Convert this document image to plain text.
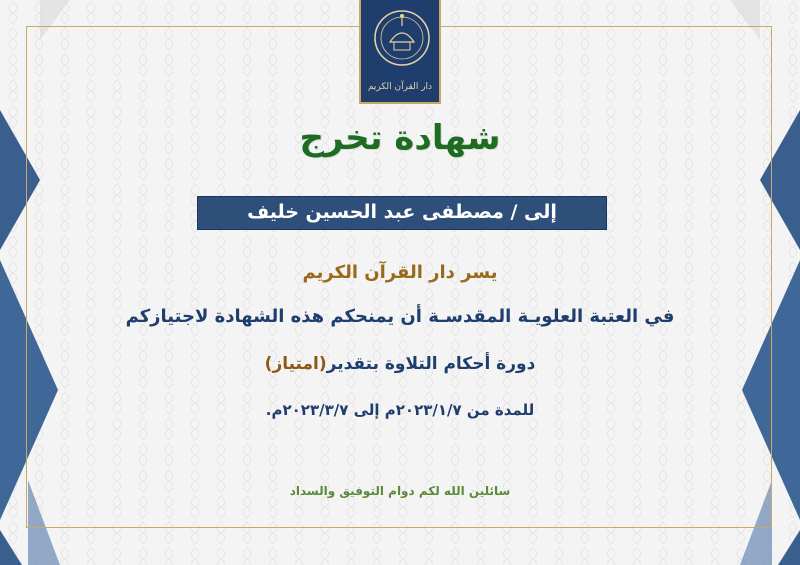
دار القرآن الكريم
شهادة تخرج
إلى / مصطفى عبد الحسين خليف
يسر دار القرآن الكريم
في العتبة العلويـة المقدسـة أن يمنحكم هذه الشهادة لاجتيازكم
دورة أحكام التلاوة بتقدير(امتياز)
للمدة من ٢٠٢٣/١/٧م إلى ٢٠٢٣/٣/٧م.
سائلين الله لكم دوام التوفيق والسداد
